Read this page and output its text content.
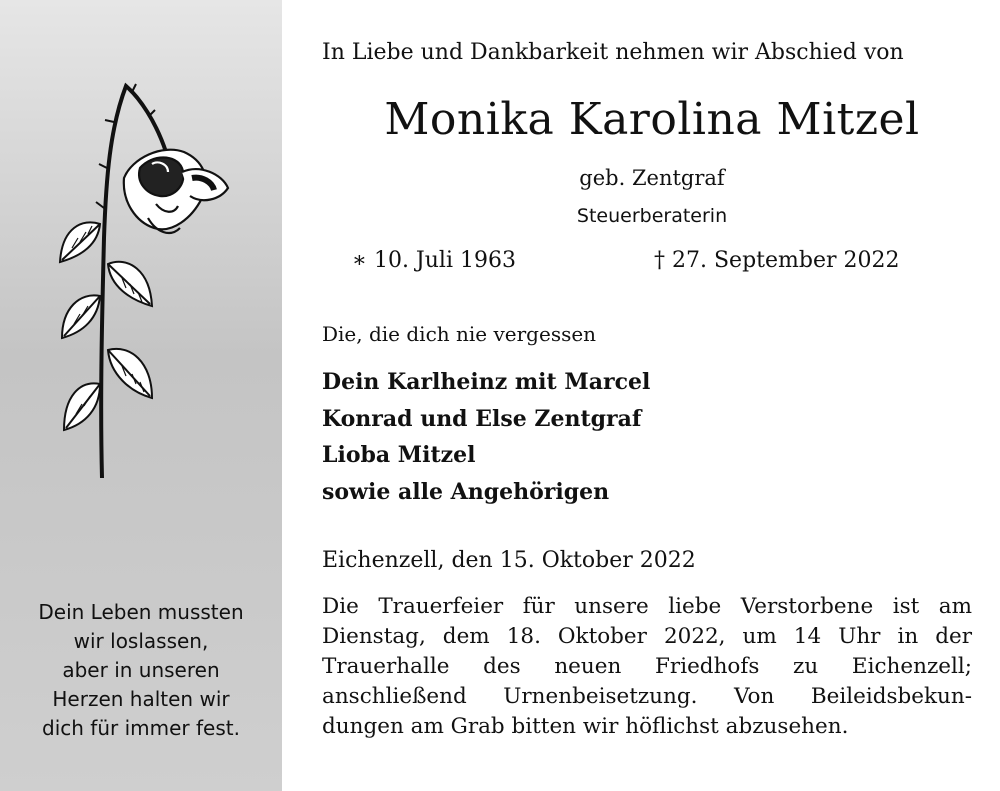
Dein Leben mussten
wir loslassen,
aber in unseren
Herzen halten wir
dich für immer fest.
In Liebe und Dankbarkeit nehmen wir Abschied von
Monika Karolina Mitzel
geb. Zentgraf
Steuerberaterin
∗ 10. Juli 1963	† 27. September 2022
Die, die dich nie vergessen
Dein Karlheinz mit Marcel
Konrad und Else Zentgraf
Lioba Mitzel
sowie alle Angehörigen
Eichenzell, den 15. Oktober 2022
Die Trauerfeier für unsere liebe Verstorbene ist am
Dienstag, dem 18. Oktober 2022, um 14 Uhr in der
Trauerhalle des neuen Friedhofs zu Eichenzell;
anschließend Urnenbeisetzung. Von Beileidsbekun-
dungen am Grab bitten wir höflichst abzusehen.
